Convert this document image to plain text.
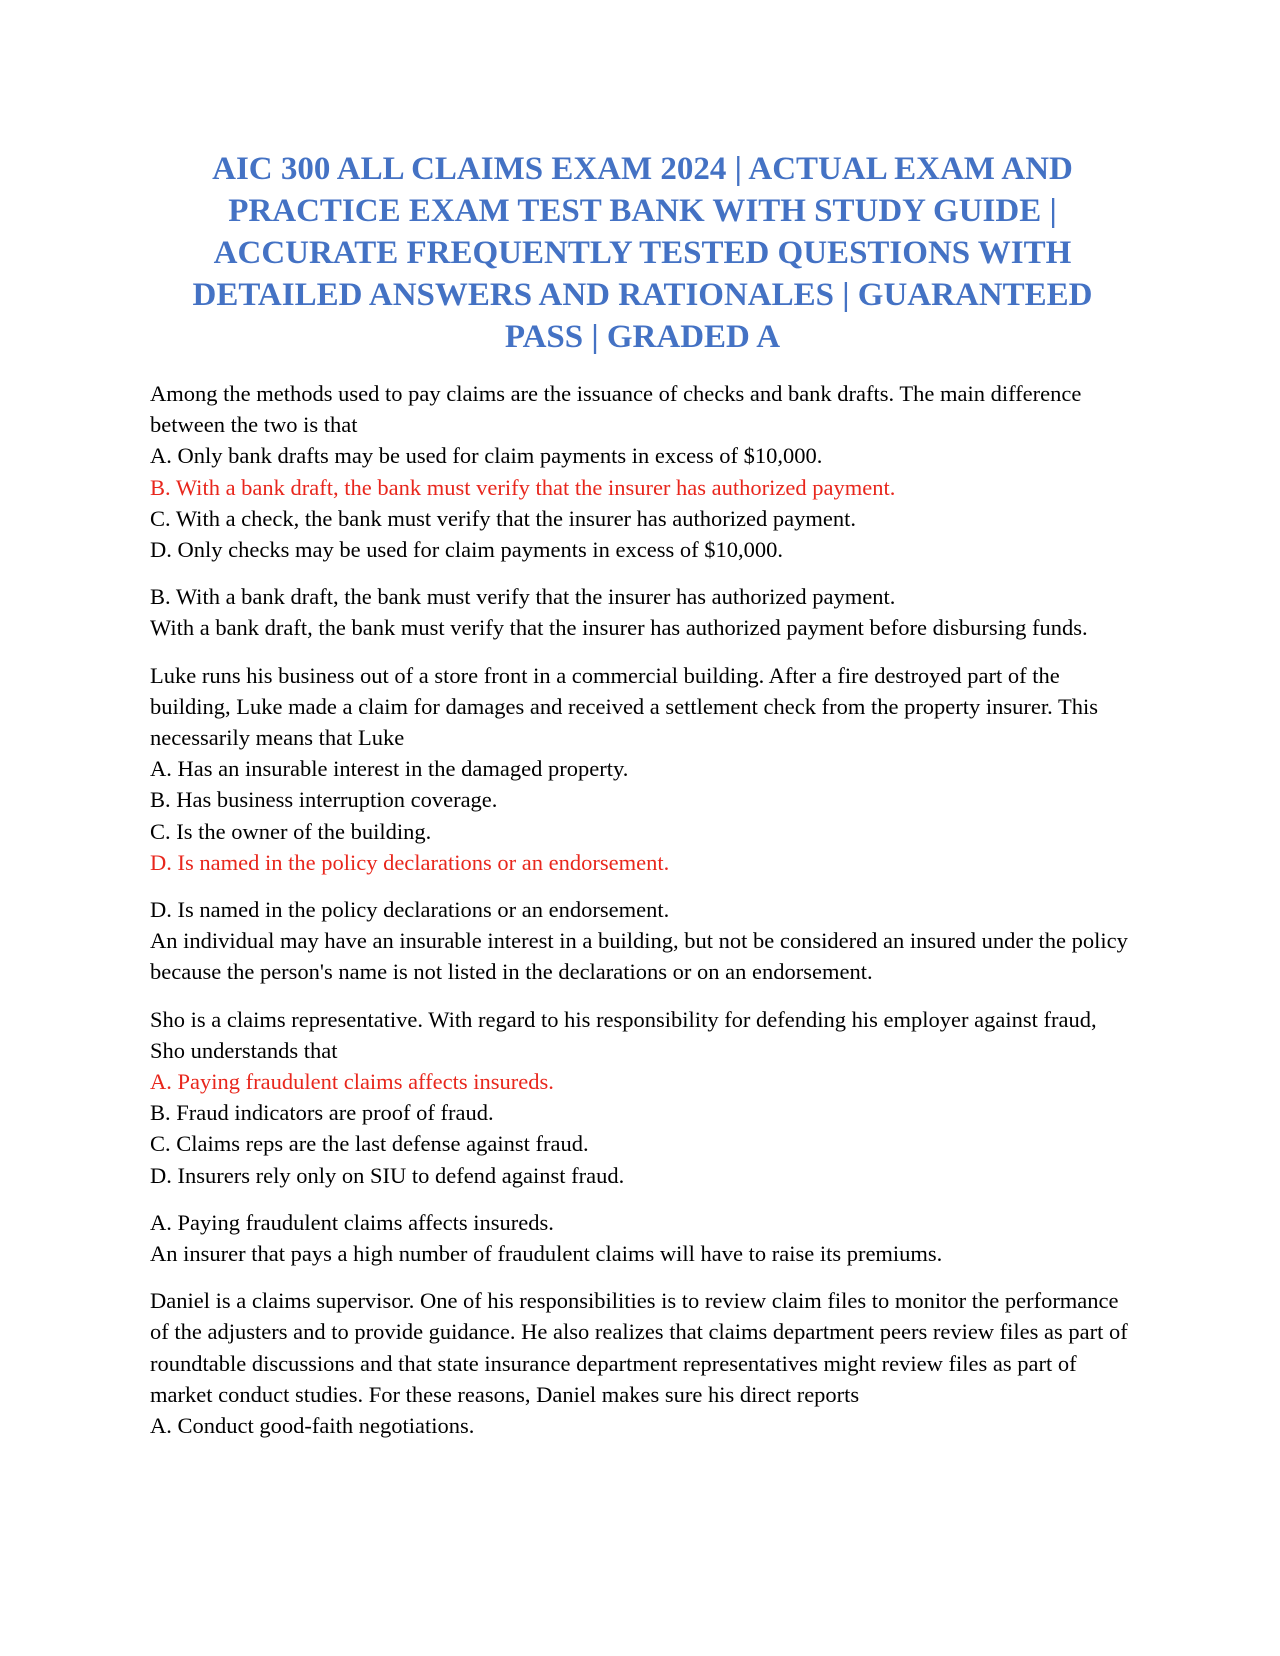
AIC 300 ALL CLAIMS EXAM 2024 | ACTUAL EXAM AND PRACTICE EXAM TEST BANK WITH STUDY GUIDE | ACCURATE FREQUENTLY TESTED QUESTIONS WITH DETAILED ANSWERS AND RATIONALES | GUARANTEED PASS | GRADED A
Among the methods used to pay claims are the issuance of checks and bank drafts. The main difference between the two is that
A. Only bank drafts may be used for claim payments in excess of $10,000.
B. With a bank draft, the bank must verify that the insurer has authorized payment.
C. With a check, the bank must verify that the insurer has authorized payment.
D. Only checks may be used for claim payments in excess of $10,000.
B. With a bank draft, the bank must verify that the insurer has authorized payment.
With a bank draft, the bank must verify that the insurer has authorized payment before disbursing funds.
Luke runs his business out of a store front in a commercial building. After a fire destroyed part of the building, Luke made a claim for damages and received a settlement check from the property insurer. This necessarily means that Luke
A. Has an insurable interest in the damaged property.
B. Has business interruption coverage.
C. Is the owner of the building.
D. Is named in the policy declarations or an endorsement.
D. Is named in the policy declarations or an endorsement.
An individual may have an insurable interest in a building, but not be considered an insured under the policy because the person's name is not listed in the declarations or on an endorsement.
Sho is a claims representative. With regard to his responsibility for defending his employer against fraud, Sho understands that
A. Paying fraudulent claims affects insureds.
B. Fraud indicators are proof of fraud.
C. Claims reps are the last defense against fraud.
D. Insurers rely only on SIU to defend against fraud.
A. Paying fraudulent claims affects insureds.
An insurer that pays a high number of fraudulent claims will have to raise its premiums.
Daniel is a claims supervisor. One of his responsibilities is to review claim files to monitor the performance of the adjusters and to provide guidance. He also realizes that claims department peers review files as part of roundtable discussions and that state insurance department representatives might review files as part of market conduct studies. For these reasons, Daniel makes sure his direct reports
A. Conduct good-faith negotiations.
